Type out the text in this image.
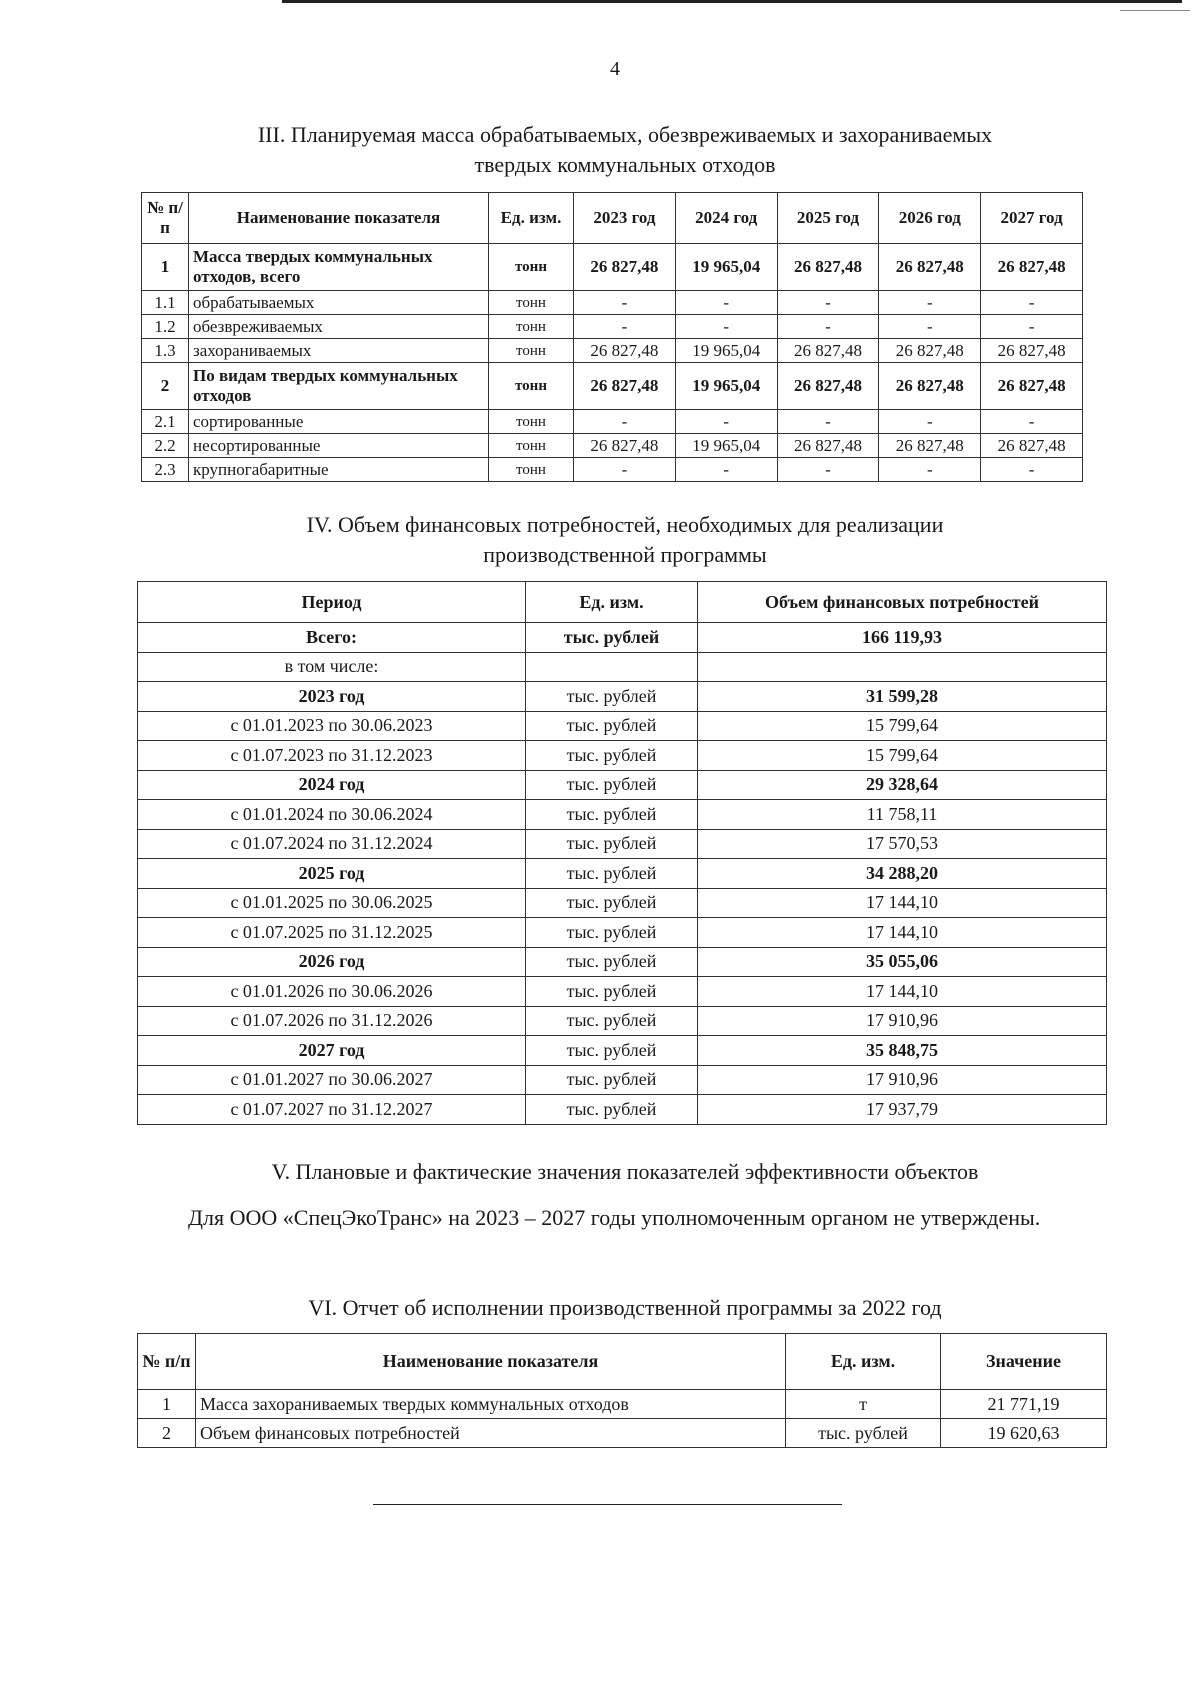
4
III. Планируемая масса обрабатываемых, обезвреживаемых и захораниваемых
твердых коммунальных отходов
№ п/п	Наименование показателя	Ед. изм.	2023 год	2024 год	2025 год	2026 год	2027 год
1	Масса твердых коммунальных отходов, всего	тонн	26 827,48	19 965,04	26 827,48	26 827,48	26 827,48
1.1	обрабатываемых	тонн	-	-	-	-	-
1.2	обезвреживаемых	тонн	-	-	-	-	-
1.3	захораниваемых	тонн	26 827,48	19 965,04	26 827,48	26 827,48	26 827,48
2	По видам твердых коммунальных отходов	тонн	26 827,48	19 965,04	26 827,48	26 827,48	26 827,48
2.1	сортированные	тонн	-	-	-	-	-
2.2	несортированные	тонн	26 827,48	19 965,04	26 827,48	26 827,48	26 827,48
2.3	крупногабаритные	тонн	-	-	-	-	-
IV. Объем финансовых потребностей, необходимых для реализации
производственной программы
Период	Ед. изм.	Объем финансовых потребностей
Всего:	тыс. рублей	166 119,93
в том числе:		
2023 год	тыс. рублей	31 599,28
с 01.01.2023 по 30.06.2023	тыс. рублей	15 799,64
с 01.07.2023 по 31.12.2023	тыс. рублей	15 799,64
2024 год	тыс. рублей	29 328,64
с 01.01.2024 по 30.06.2024	тыс. рублей	11 758,11
с 01.07.2024 по 31.12.2024	тыс. рублей	17 570,53
2025 год	тыс. рублей	34 288,20
с 01.01.2025 по 30.06.2025	тыс. рублей	17 144,10
с 01.07.2025 по 31.12.2025	тыс. рублей	17 144,10
2026 год	тыс. рублей	35 055,06
с 01.01.2026 по 30.06.2026	тыс. рублей	17 144,10
с 01.07.2026 по 31.12.2026	тыс. рублей	17 910,96
2027 год	тыс. рублей	35 848,75
с 01.01.2027 по 30.06.2027	тыс. рублей	17 910,96
с 01.07.2027 по 31.12.2027	тыс. рублей	17 937,79
V. Плановые и фактические значения показателей эффективности объектов
Для ООО «СпецЭкоТранс» на 2023 – 2027 годы уполномоченным органом не утверждены.
VI. Отчет об исполнении производственной программы за 2022 год
№ п/п	Наименование показателя	Ед. изм.	Значение
1	Масса захораниваемых твердых коммунальных отходов	т	21 771,19
2	Объем финансовых потребностей	тыс. рублей	19 620,63
